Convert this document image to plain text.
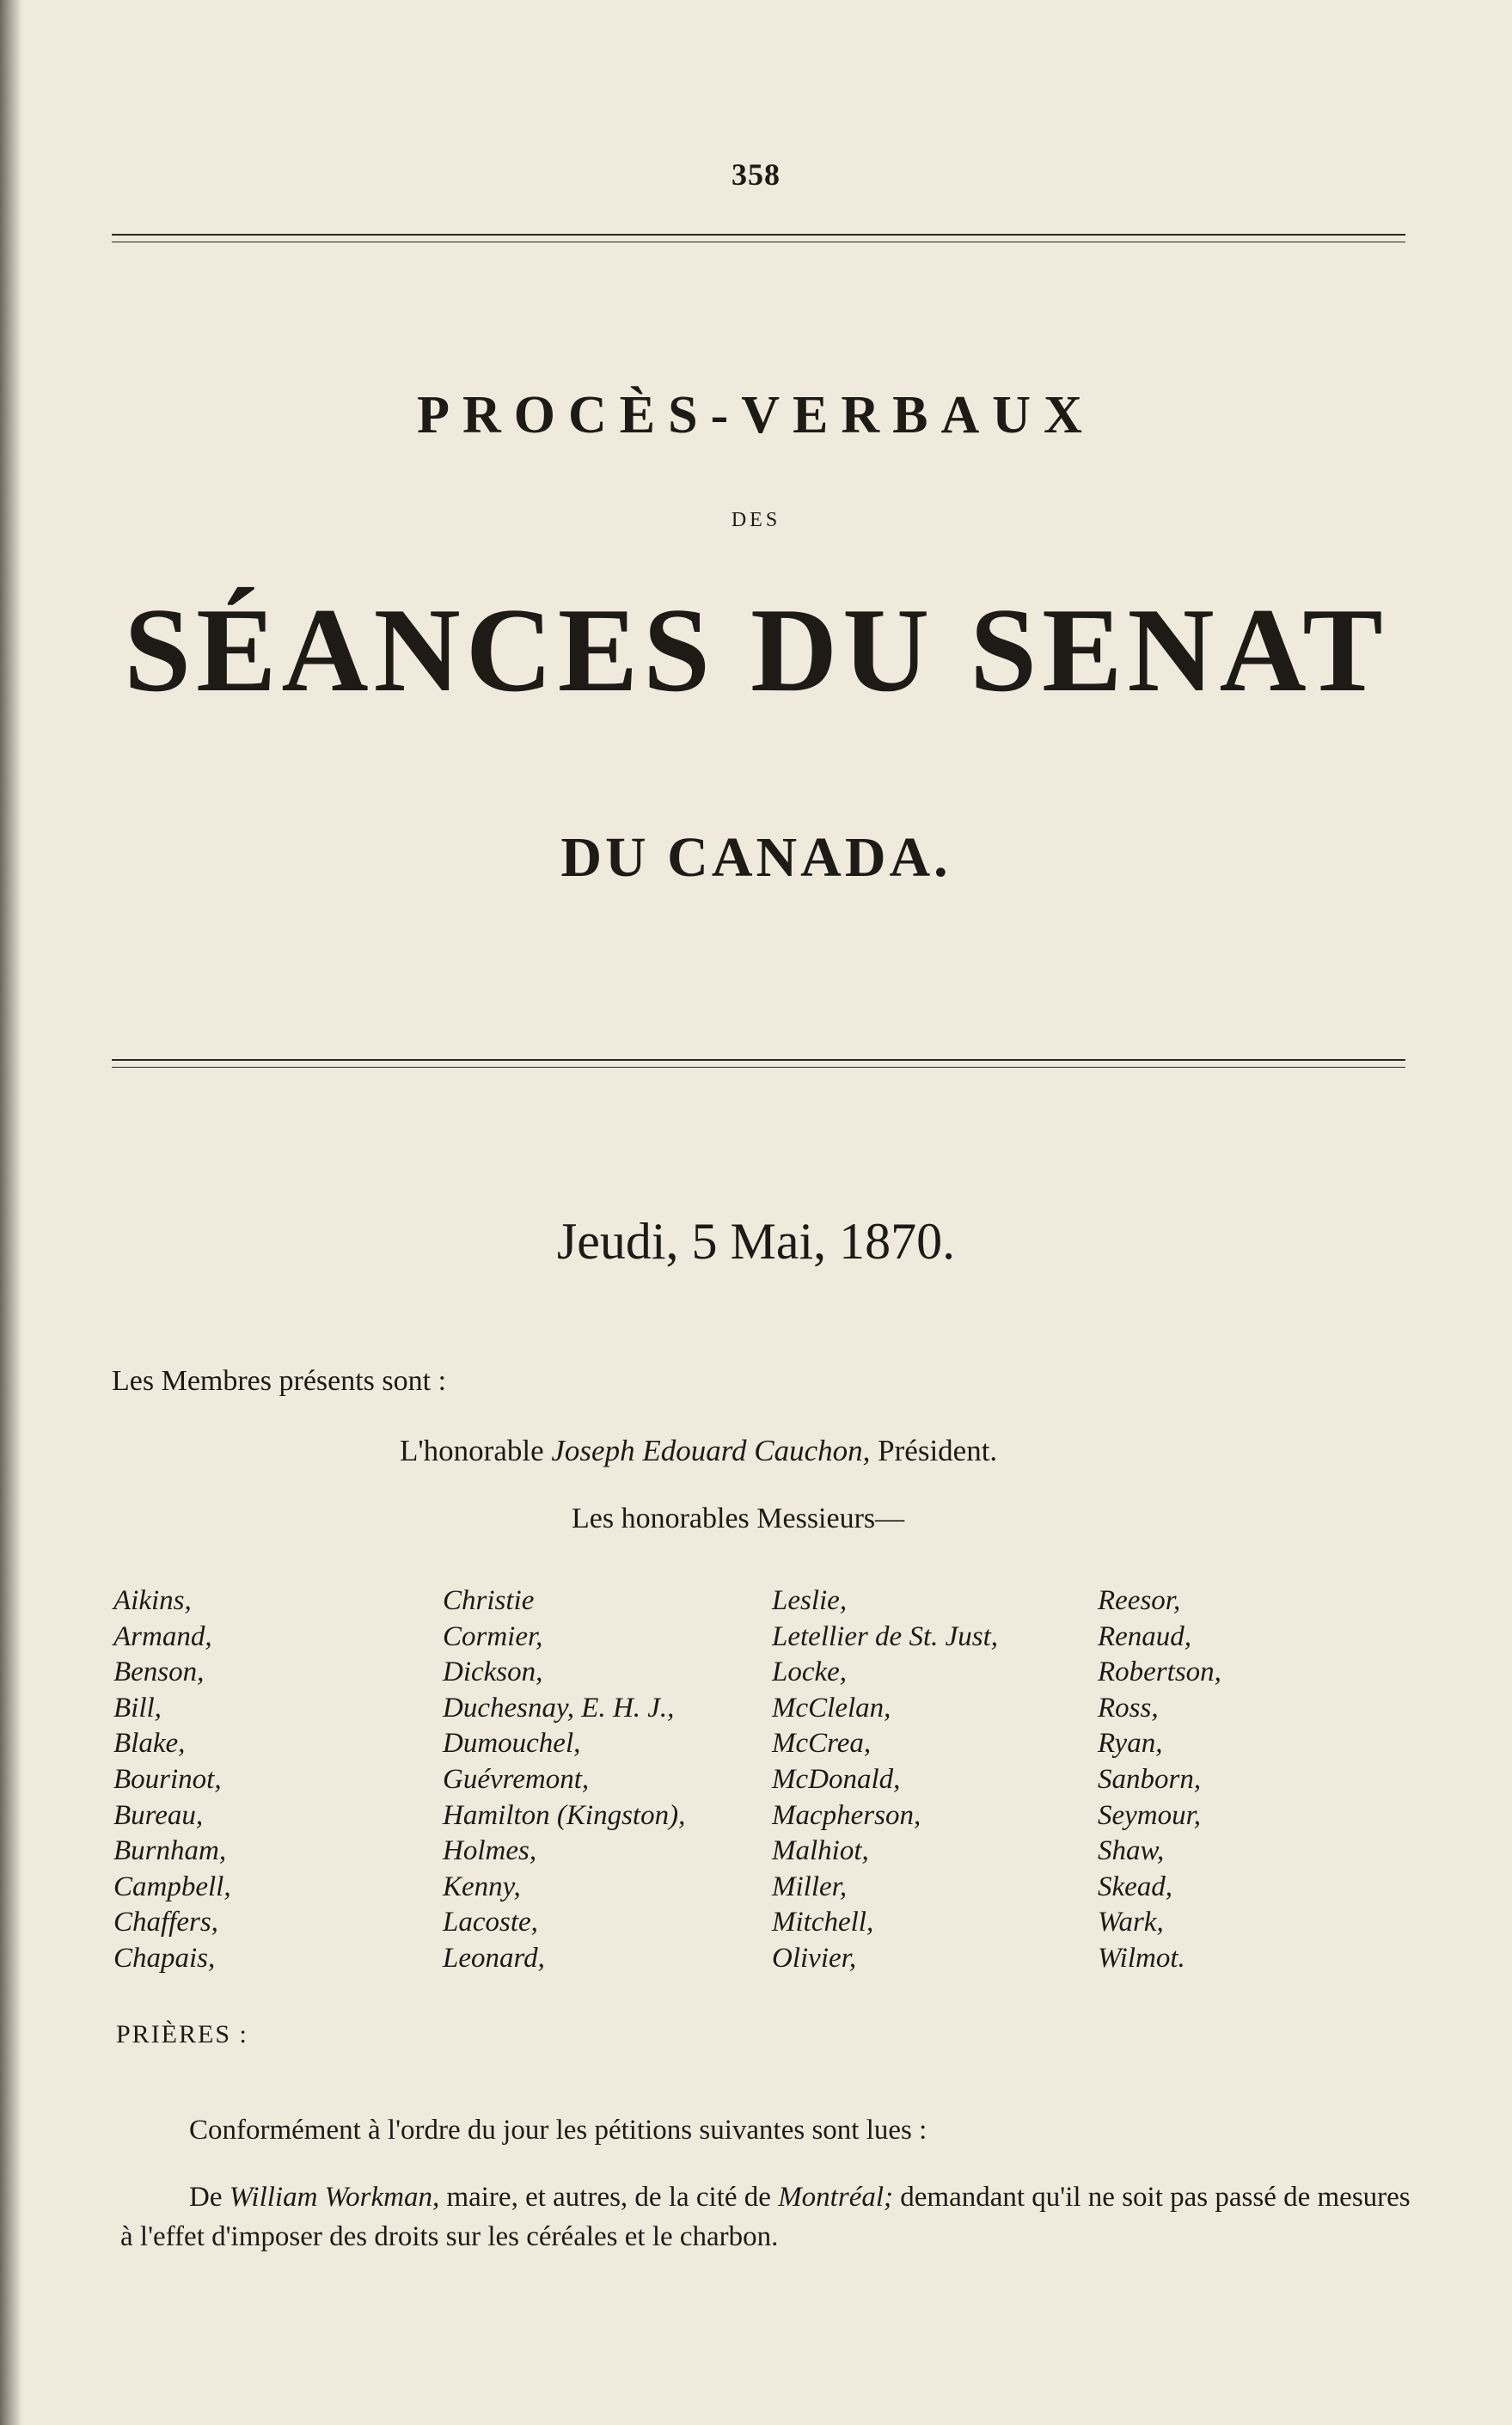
358
PROCÈS-VERBAUX
DES
SÉANCES DU SENAT
DU CANADA.
Jeudi, 5 Mai, 1870.
Les Membres présents sont :
L'honorable Joseph Edouard Cauchon, Président.
Les honorables Messieurs—
Aikins,
Armand,
Benson,
Bill,
Blake,
Bourinot,
Bureau,
Burnham,
Campbell,
Chaffers,
Chapais,
Christie
Cormier,
Dickson,
Duchesnay, E. H. J.,
Dumouchel,
Guévremont,
Hamilton (Kingston),
Holmes,
Kenny,
Lacoste,
Leonard,
Leslie,
Letellier de St. Just,
Locke,
McClelan,
McCrea,
McDonald,
Macpherson,
Malhiot,
Miller,
Mitchell,
Olivier,
Reesor,
Renaud,
Robertson,
Ross,
Ryan,
Sanborn,
Seymour,
Shaw,
Skead,
Wark,
Wilmot.
PRIÈRES :

Conformément à l'ordre du jour les pétitions suivantes sont lues :

De William Workman, maire, et autres, de la cité de Montréal; demandant qu'il ne soit pas passé de mesures à l'effet d'imposer des droits sur les céréales et le charbon.
